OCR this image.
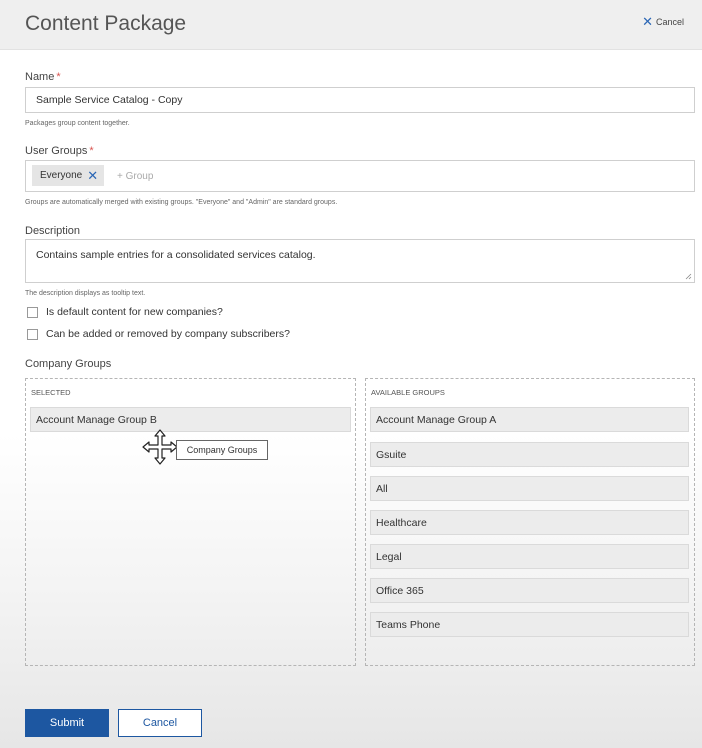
Content Package	✕ Cancel
Name *
Sample Service Catalog - Copy
Packages group content together.
User Groups *
Everyone ✕ + Group
Groups are automatically merged with existing groups. "Everyone" and "Admin" are standard groups.
Description
Contains sample entries for a consolidated services catalog.
The description displays as tooltip text.
Is default content for new companies?
Can be added or removed by company subscribers?
Company Groups
SELECTED
Account Manage Group B
AVAILABLE GROUPS
Account Manage Group A
Gsuite
All
Healthcare
Legal
Office 365
Teams Phone
Company Groups
Submit	Cancel
